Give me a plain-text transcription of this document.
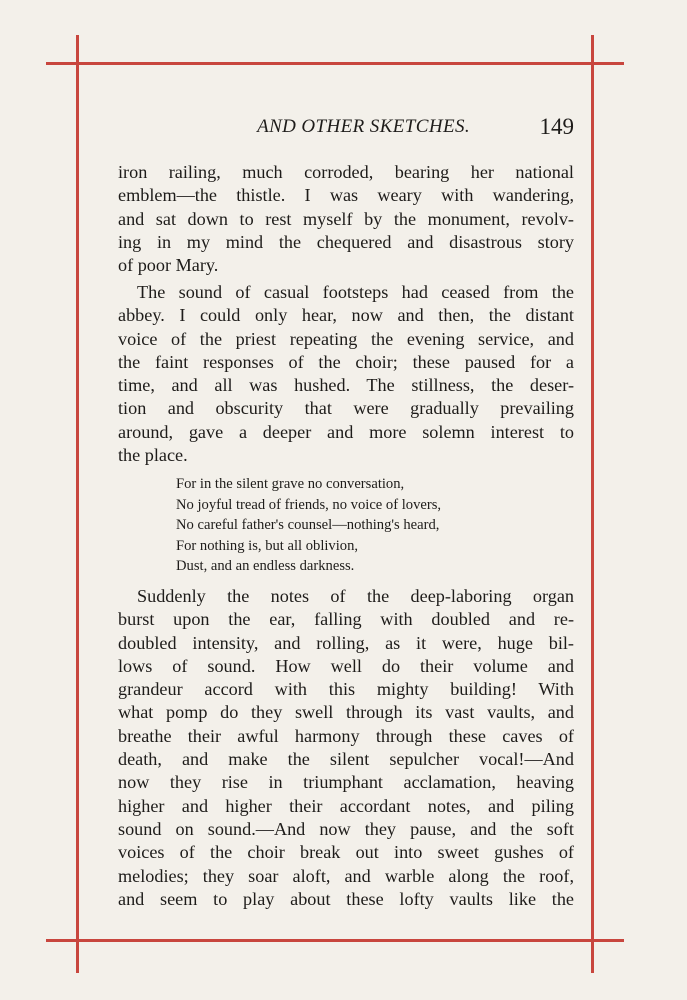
AND OTHER SKETCHES.	149
iron railing, much corroded, bearing her national
emblem—the thistle. I was weary with wandering,
and sat down to rest myself by the monument, revolv-
ing in my mind the chequered and disastrous story
of poor Mary.
The sound of casual footsteps had ceased from the
abbey. I could only hear, now and then, the distant
voice of the priest repeating the evening service, and
the faint responses of the choir; these paused for a
time, and all was hushed. The stillness, the deser-
tion and obscurity that were gradually prevailing
around, gave a deeper and more solemn interest to
the place.
For in the silent grave no conversation,
No joyful tread of friends, no voice of lovers,
No careful father's counsel—nothing's heard,
For nothing is, but all oblivion,
Dust, and an endless darkness.
Suddenly the notes of the deep-laboring organ
burst upon the ear, falling with doubled and re-
doubled intensity, and rolling, as it were, huge bil-
lows of sound. How well do their volume and
grandeur accord with this mighty building! With
what pomp do they swell through its vast vaults, and
breathe their awful harmony through these caves of
death, and make the silent sepulcher vocal!—And
now they rise in triumphant acclamation, heaving
higher and higher their accordant notes, and piling
sound on sound.—And now they pause, and the soft
voices of the choir break out into sweet gushes of
melodies; they soar aloft, and warble along the roof,
and seem to play about these lofty vaults like the
